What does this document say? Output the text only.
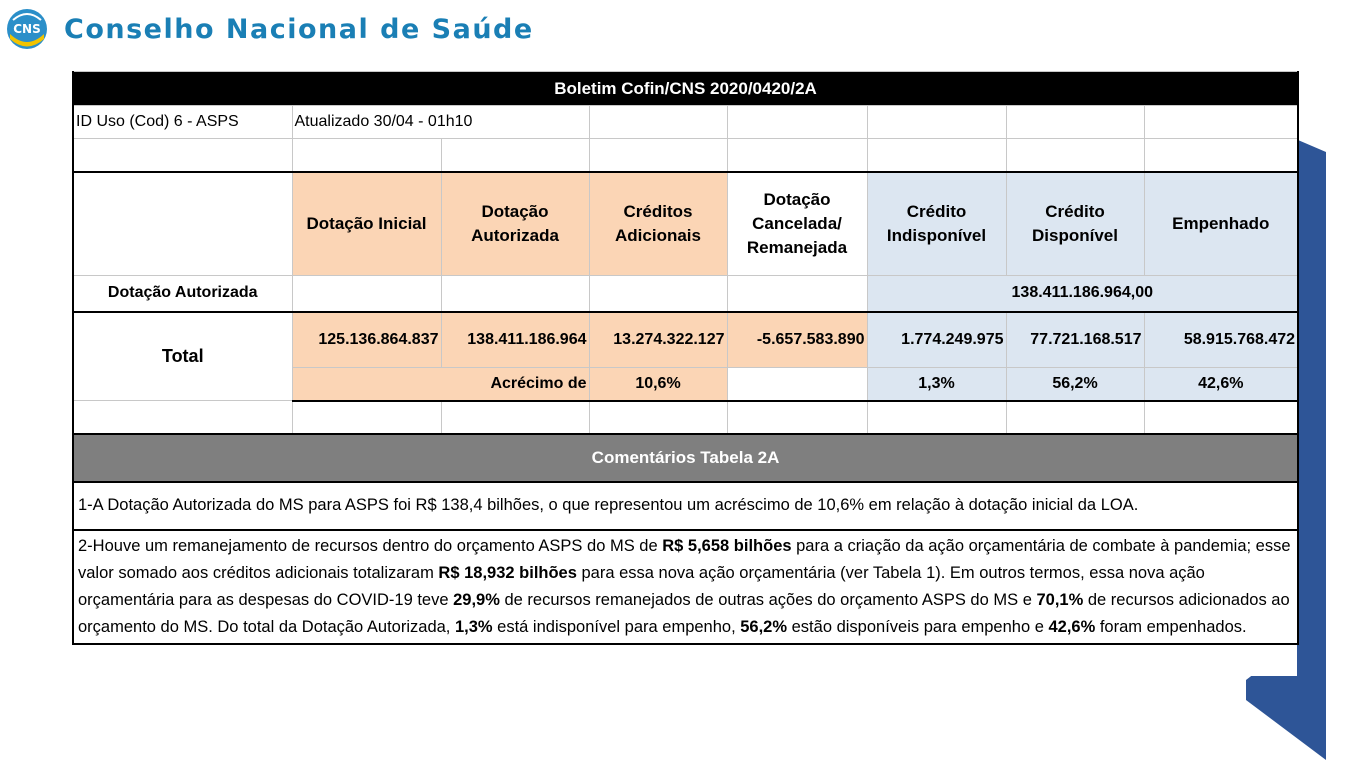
CNS Conselho Nacional de Saúde
Boletim Cofin/CNS 2020/0420/2A							
ID Uso (Cod) 6 - ASPS	Atualizado 30/04 - 01h10						

	Dotação Inicial	Dotação Autorizada	Créditos Adicionais	Dotação Cancelada/ Remanejada	Crédito Indisponível	Crédito Disponível	Empenhado
Dotação Autorizada					138.411.186.964,00		
Total	125.136.864.837	138.411.186.964	13.274.322.127	-5.657.583.890	1.774.249.975	77.721.168.517	58.915.768.472
	Acrécimo de		10,6%		1,3%	56,2%	42,6%

Comentários Tabela 2A							
1-A Dotação Autorizada do MS para ASPS foi R$ 138,4 bilhões, o que representou um acréscimo de 10,6% em relação à dotação inicial da LOA.							
2-Houve um remanejamento de recursos dentro do orçamento ASPS do MS de R$ 5,658 bilhões para a criação da ação orçamentária de combate à pandemia; esse valor somado aos créditos adicionais totalizaram R$ 18,932 bilhões para essa nova ação orçamentária (ver Tabela 1). Em outros termos, essa nova ação orçamentária para as despesas do COVID-19 teve 29,9% de recursos remanejados de outras ações do orçamento ASPS do MS e 70,1% de recursos adicionados ao orçamento do MS. Do total da Dotação Autorizada, 1,3% está indisponível para empenho, 56,2% estão disponíveis para empenho e 42,6% foram empenhados.							
